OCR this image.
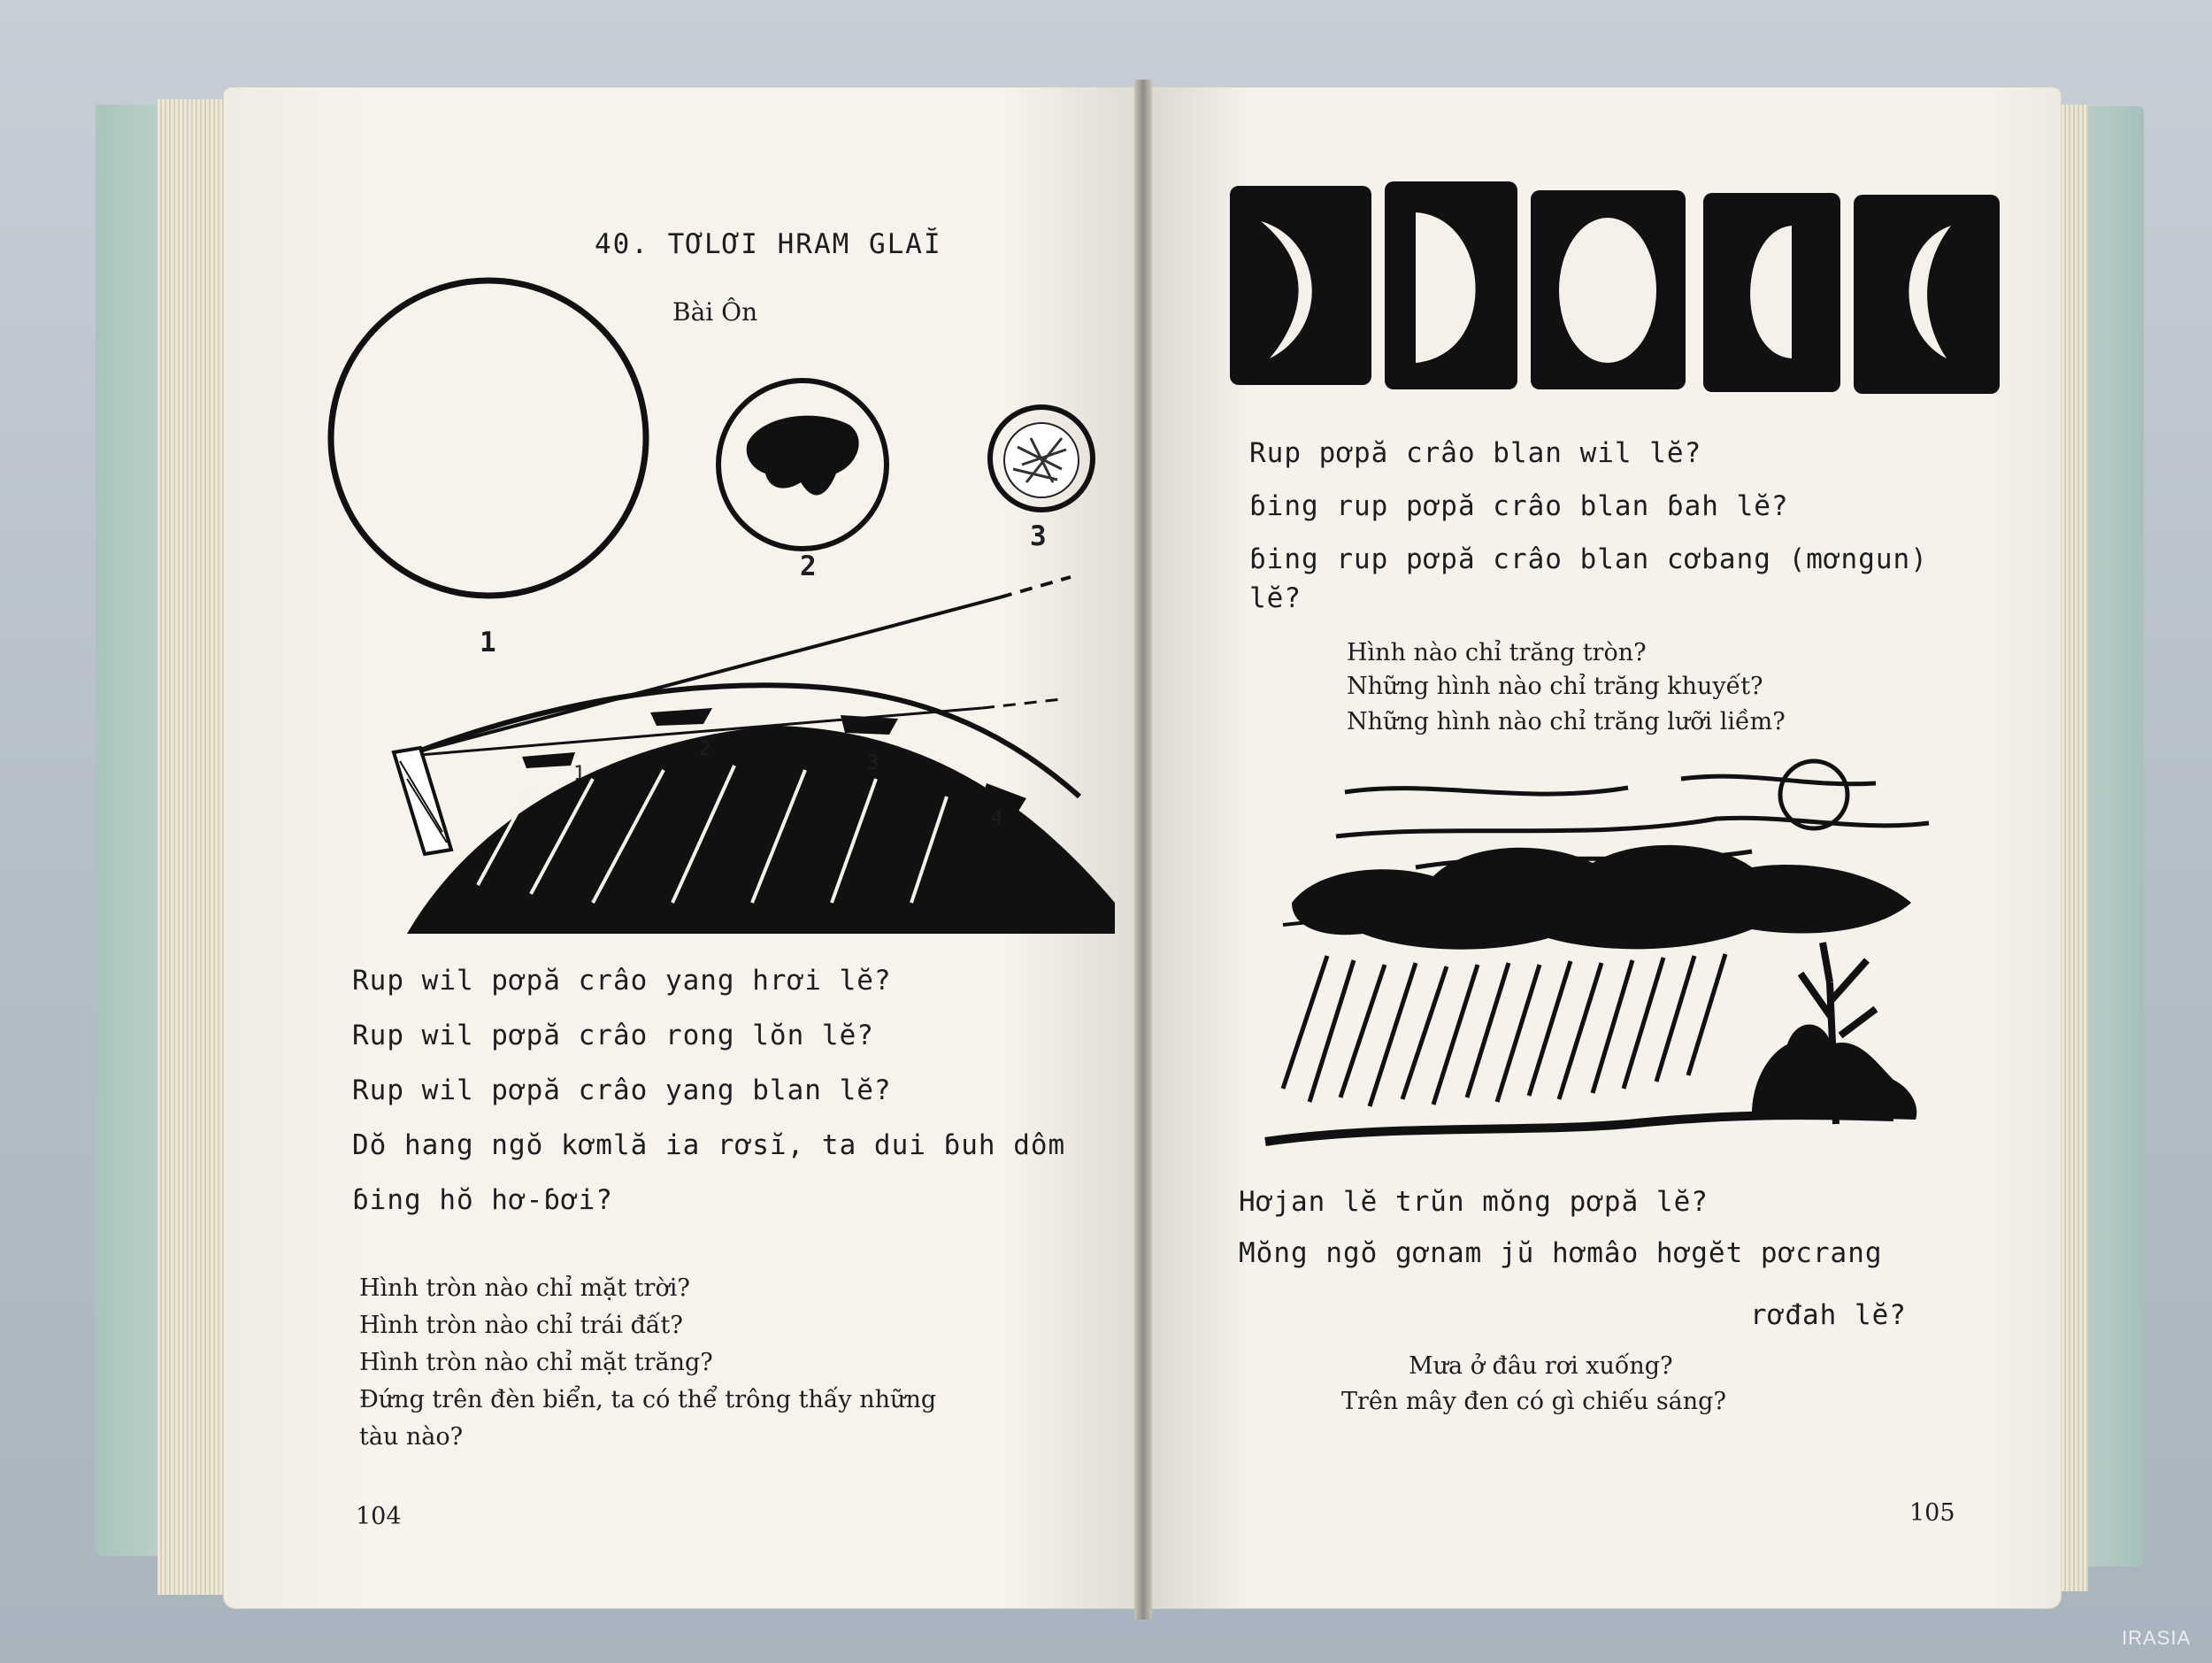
40. TƠLƠI HRAM GLAĬ
Bài Ôn
1
2
3
1
2
3
4
Rup wil pơpă crâo yang hrơi lĕ?
Rup wil pơpă crâo rong lŏn lĕ?
Rup wil pơpă crâo yang blan lĕ?
Dŏ hang ngŏ kơmlă ia rơsĭ, ta dui ɓuh dôm
ɓing hŏ hơ-ɓơi?
Hình tròn nào chỉ mặt trời?
Hình tròn nào chỉ trái đất?
Hình tròn nào chỉ mặt trăng?
Đứng trên đèn biển, ta có thể trông thấy những
tàu nào?
104
Rup pơpă crâo blan wil lĕ?
ɓing rup pơpă crâo blan ɓah lĕ?
ɓing rup pơpă crâo blan cơbang (mơngun)
lĕ?
Hình nào chỉ trăng tròn?
Những hình nào chỉ trăng khuyết?
Những hình nào chỉ trăng lưỡi liềm?
Hơjan lĕ trŭn mŏng pơpă lĕ?
Mŏng ngŏ gơnam jŭ hơmâo hơgĕt pơcrang
rơđah lĕ?
Mưa ở đâu rơi xuống?
Trên mây đen có gì chiếu sáng?
105
IRASIA
